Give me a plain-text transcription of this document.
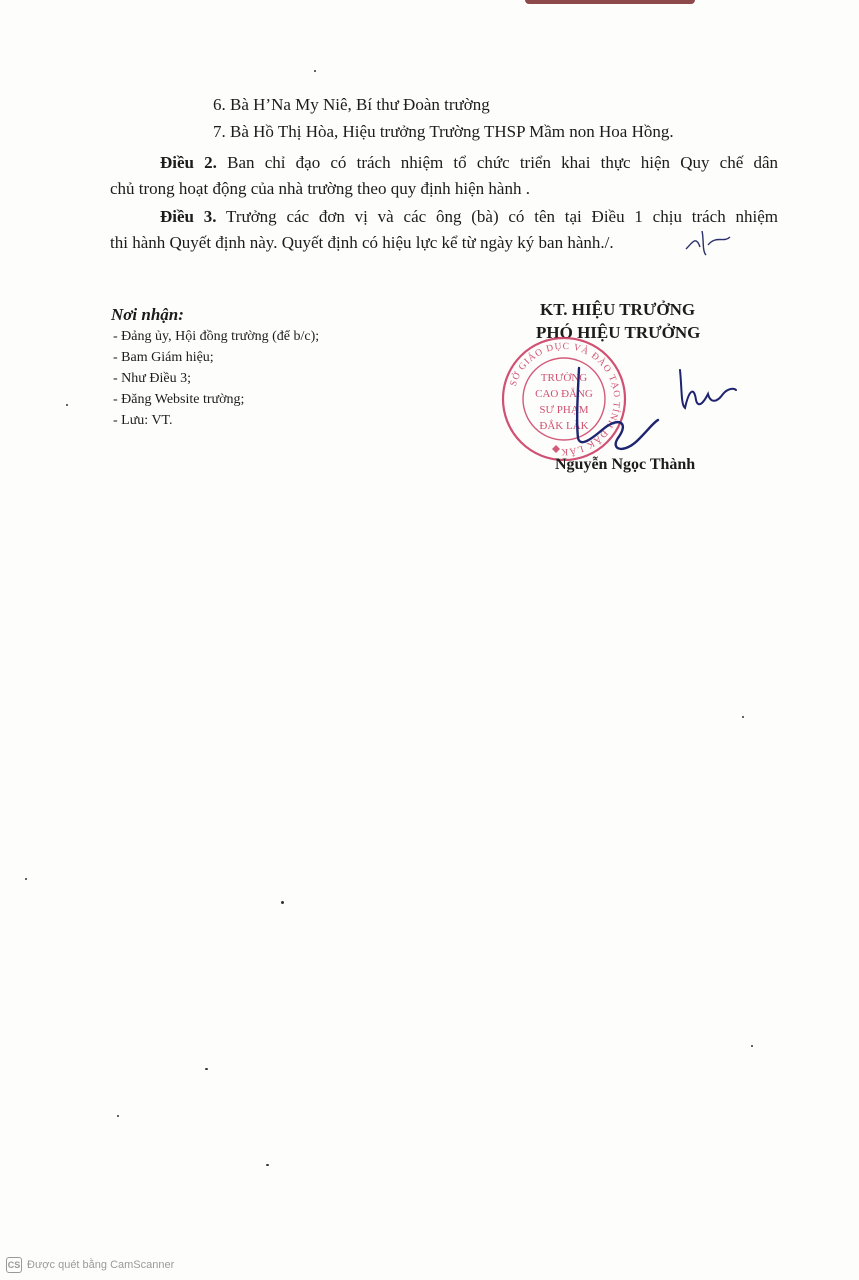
6. Bà H’Na My Niê, Bí thư Đoàn trường
7. Bà Hồ Thị Hòa, Hiệu trưởng Trường THSP Mầm non Hoa Hồng.
Điều 2. Ban chỉ đạo có trách nhiệm tổ chức triển khai thực hiện Quy chế dân
chủ trong hoạt động của nhà trường theo quy định hiện hành .
Điều 3. Trưởng các đơn vị và các ông (bà) có tên tại Điều 1 chịu trách nhiệm
thi hành Quyết định này. Quyết định có hiệu lực kể từ ngày ký ban hành./.
Nơi nhận:
- Đảng ủy, Hội đồng trường (để b/c);
- Bam Giám hiệu;
- Như Điều 3;
- Đăng Website trường;
- Lưu: VT.
KT. HIỆU TRƯỞNG
PHÓ HIỆU TRƯỞNG
SỞ GIÁO DỤC VÀ ĐÀO TẠO TỈNH ĐẮK LẮK
TRƯỜNG
CAO ĐẲNG
SƯ PHẠM
ĐẮK LẮK
Nguyễn Ngọc Thành
CS Được quét bằng CamScanner
